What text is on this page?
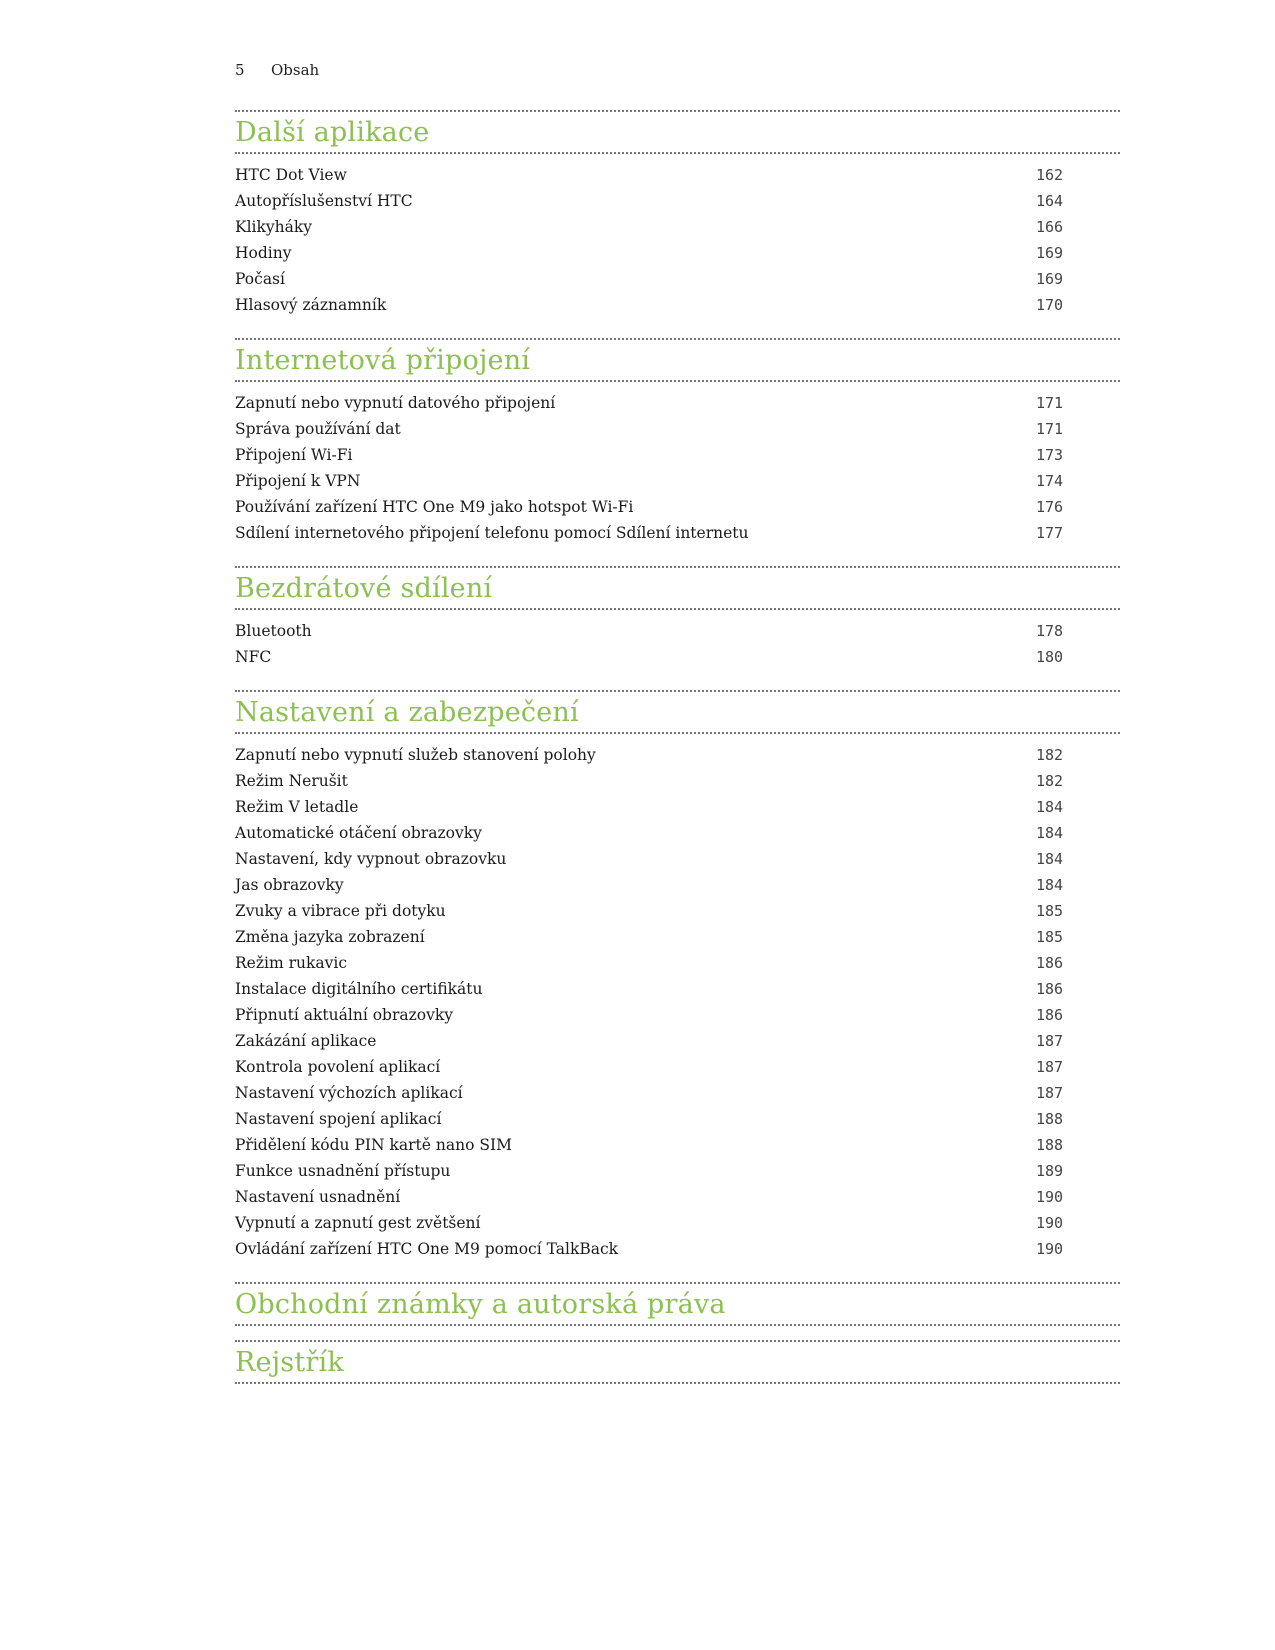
5 Obsah
Další aplikace
HTC Dot View	162
Autopříslušenství HTC	164
Klikyháky	166
Hodiny	169
Počasí	169
Hlasový záznamník	170
Internetová připojení
Zapnutí nebo vypnutí datového připojení	171
Správa používání dat	171
Připojení Wi-Fi	173
Připojení k VPN	174
Používání zařízení HTC One M9 jako hotspot Wi-Fi	176
Sdílení internetového připojení telefonu pomocí Sdílení internetu	177
Bezdrátové sdílení
Bluetooth	178
NFC	180
Nastavení a zabezpečení
Zapnutí nebo vypnutí služeb stanovení polohy	182
Režim Nerušit	182
Režim V letadle	184
Automatické otáčení obrazovky	184
Nastavení, kdy vypnout obrazovku	184
Jas obrazovky	184
Zvuky a vibrace při dotyku	185
Změna jazyka zobrazení	185
Režim rukavic	186
Instalace digitálního certifikátu	186
Připnutí aktuální obrazovky	186
Zakázání aplikace	187
Kontrola povolení aplikací	187
Nastavení výchozích aplikací	187
Nastavení spojení aplikací	188
Přidělení kódu PIN kartě nano SIM	188
Funkce usnadnění přístupu	189
Nastavení usnadnění	190
Vypnutí a zapnutí gest zvětšení	190
Ovládání zařízení HTC One M9 pomocí TalkBack	190
Obchodní známky a autorská práva
Rejstřík
